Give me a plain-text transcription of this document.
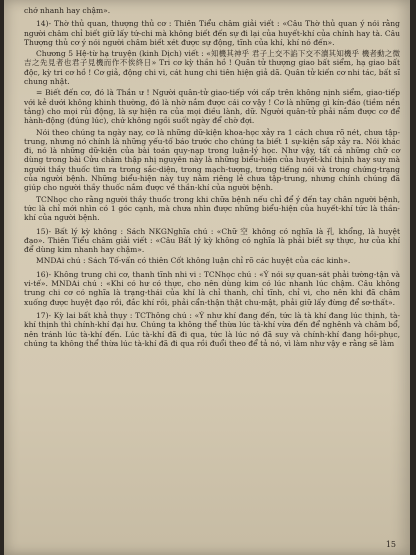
chớ nhanh hay chậm».

14)- Thờ thủ quan, thượng thủ cơ : Thiên Tiểu châm giải viết : «Câu Thờ thủ quan ý nói rằng người châm chỉ biết giữ lấy tứ-chi mà không biết đến sự đi lại của huyết-khí của chính hay tà. Câu Thượng thủ cơ ý nói người châm biết xét được sự động, tĩnh của khí, khí nó đến».

Chương 5 Hệ-từ hạ truyện (kinh Dịch) viết : «知機其神乎 君子上交不諂下交不瀆其知機乎 機者動之微吉之先見者也君子見機而作不俟終日» Tri cơ kỳ thần hồ ! Quân tử thượng giao bất siểm, hạ giao bất độc, kỳ tri cơ hồ ! Cơ giả, động chi vi, cát hung chi tiên hiện giả dã. Quân tử kiến cơ nhi tác, bất sĩ chung nhật.

= Biết đến cơ, đó là Thần ư ! Người quân-tử giao-tiếp với cấp trên không nịnh siểm, giao-tiếp với kẻ dưới không khinh thường, đó là nhờ nắm được cái cơ vậy ! Cơ là những gì kín-đáo (tiềm nền tảng) cho mọi rủi động, là sự hiện ra của mọi điều lành, dữ. Người quân-tử phải nắm được cơ để hành-động (đúng lúc), chứ không ngồi suốt ngày để chờ đợi.

Nói theo chúng ta ngày nay, cơ là những dữ-kiện khoa-học xảy ra 1 cách chưa rõ nét, chưa tập-trung, nhưng nó chính là những yếu-tố báo trước cho chúng ta biết 1 sự-kiện sắp xảy ra. Nói khác đi, nó là những dữ-kiện của bài toán quy-nạp trong luận-lý học. Như vậy, tất cả những chữ cơ dùng trong bài Cửu châm thập nhị nguyên này là những biểu-hiện của huyết-khí thịnh hay suy mà người thầy thuốc tìm ra trong sắc-diện, trong mạch-tượng, trong tiếng nói và trong chứng-trạng của người bệnh. Những biểu-hiện này tuy nằm riêng lẻ chưa tập-trung, nhưng chính chúng đã giúp cho người thầy thuốc nắm được về thần-khí của người bệnh.

TCNhọc cho rằng người thầy thuốc trong khi chữa bệnh nếu chỉ để ý đến tay chân người bệnh, tức là chỉ mới nhìn có 1 góc cạnh, mà chưa nhìn được những biểu-hiện của huyết-khí tức là thần-khí của người bệnh.

15)- Bất lý kỳ không : Sách NKGNghĩa chú : «Chữ 空 không có nghĩa là 孔 khổng, là huyệt đạo». Thiên Tiểu châm giải viết : «Câu Bất lý kỳ không có nghĩa là phải biết sự thực, hư của khí để dùng kim nhanh hay chậm».

MNDAi chú : Sách Tố-vấn có thiên Cốt không luận chỉ rõ các huyệt của các kinh».

16)- Không trung chi cơ, thanh tĩnh nhi vi : TCNhọc chú : «Ý nói sự quan-sát phải tường-tận và vi-tế». MNDAi chú : «Khi có hư có thực, cho nên dùng kim có lúc nhanh lúc chậm. Câu không trung chi cơ có nghĩa là trạng-thái của khí là chỉ thanh, chỉ tĩnh, chỉ vi, cho nên khi đã châm xuống được huyệt đạo rồi, đắc khí rồi, phải cẩn-thận thật chu-mật, phải giữ lấy đừng để sơ-thất».

17)- Kỳ lai bất khả thụy : TCThông chú : «Ý như khí đang đến, tức là tà khí đang lúc thịnh, tà-khí thịnh thì chính-khí đại hư. Chúng ta không thể thừa lúc tà-khí vừa đến để nghênh và châm bổ, nên tránh lúc tà-khí đến. Lúc tà-khí đã đi qua, tức là lúc nó đã suy và chính-khí đang hồi-phục, chúng ta không thể thừa lúc tà-khí đã đi qua rồi đuổi theo để tả nó, vì làm như vậy e rằng sẽ làm

15
